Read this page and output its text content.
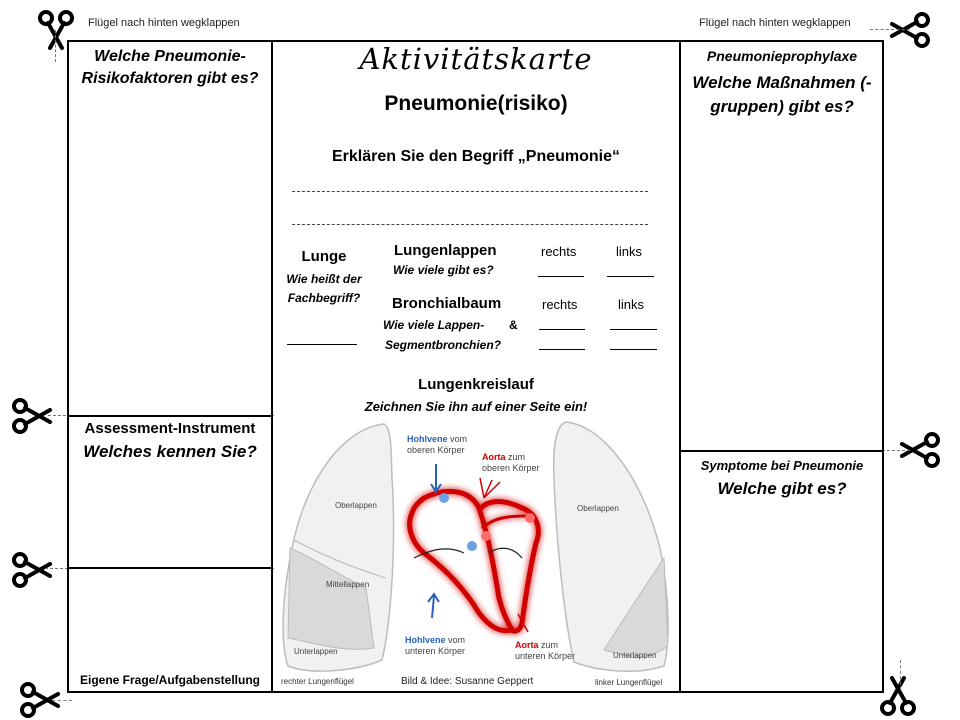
Flügel nach hinten wegklappen	Flügel nach hinten wegklappen
Welche Pneumonie-Risikofaktoren gibt es?
Assessment-Instrument
Welches kennen Sie?
Eigene Frage/Aufgabenstellung
Pneumonieprophylaxe
Welche Maßnahmen (-gruppen) gibt es?
Symptome bei Pneumonie
Welche gibt es?
Aktivitätskarte
Pneumonie(risiko)
Erklären Sie den Begriff „Pneumonie“
Lunge
Wie heißt der Fachbegriff?
Lungenlappen
Wie viele gibt es?
rechts	links
Bronchialbaum
Wie viele Lappen- &
Segmentbronchien?
rechts	links
Lungenkreislauf
Zeichnen Sie ihn auf einer Seite ein!
Hohlvene vom
oberen Körper
Aorta zum
oberen Körper
Hohlvene vom
unteren Körper
Aorta zum
unteren Körper
Oberlappen
Mittellappen
Unterlappen
Oberlappen
Unterlappen
rechter Lungenflügel	Bild & Idee: Susanne Geppert	linker Lungenflügel
